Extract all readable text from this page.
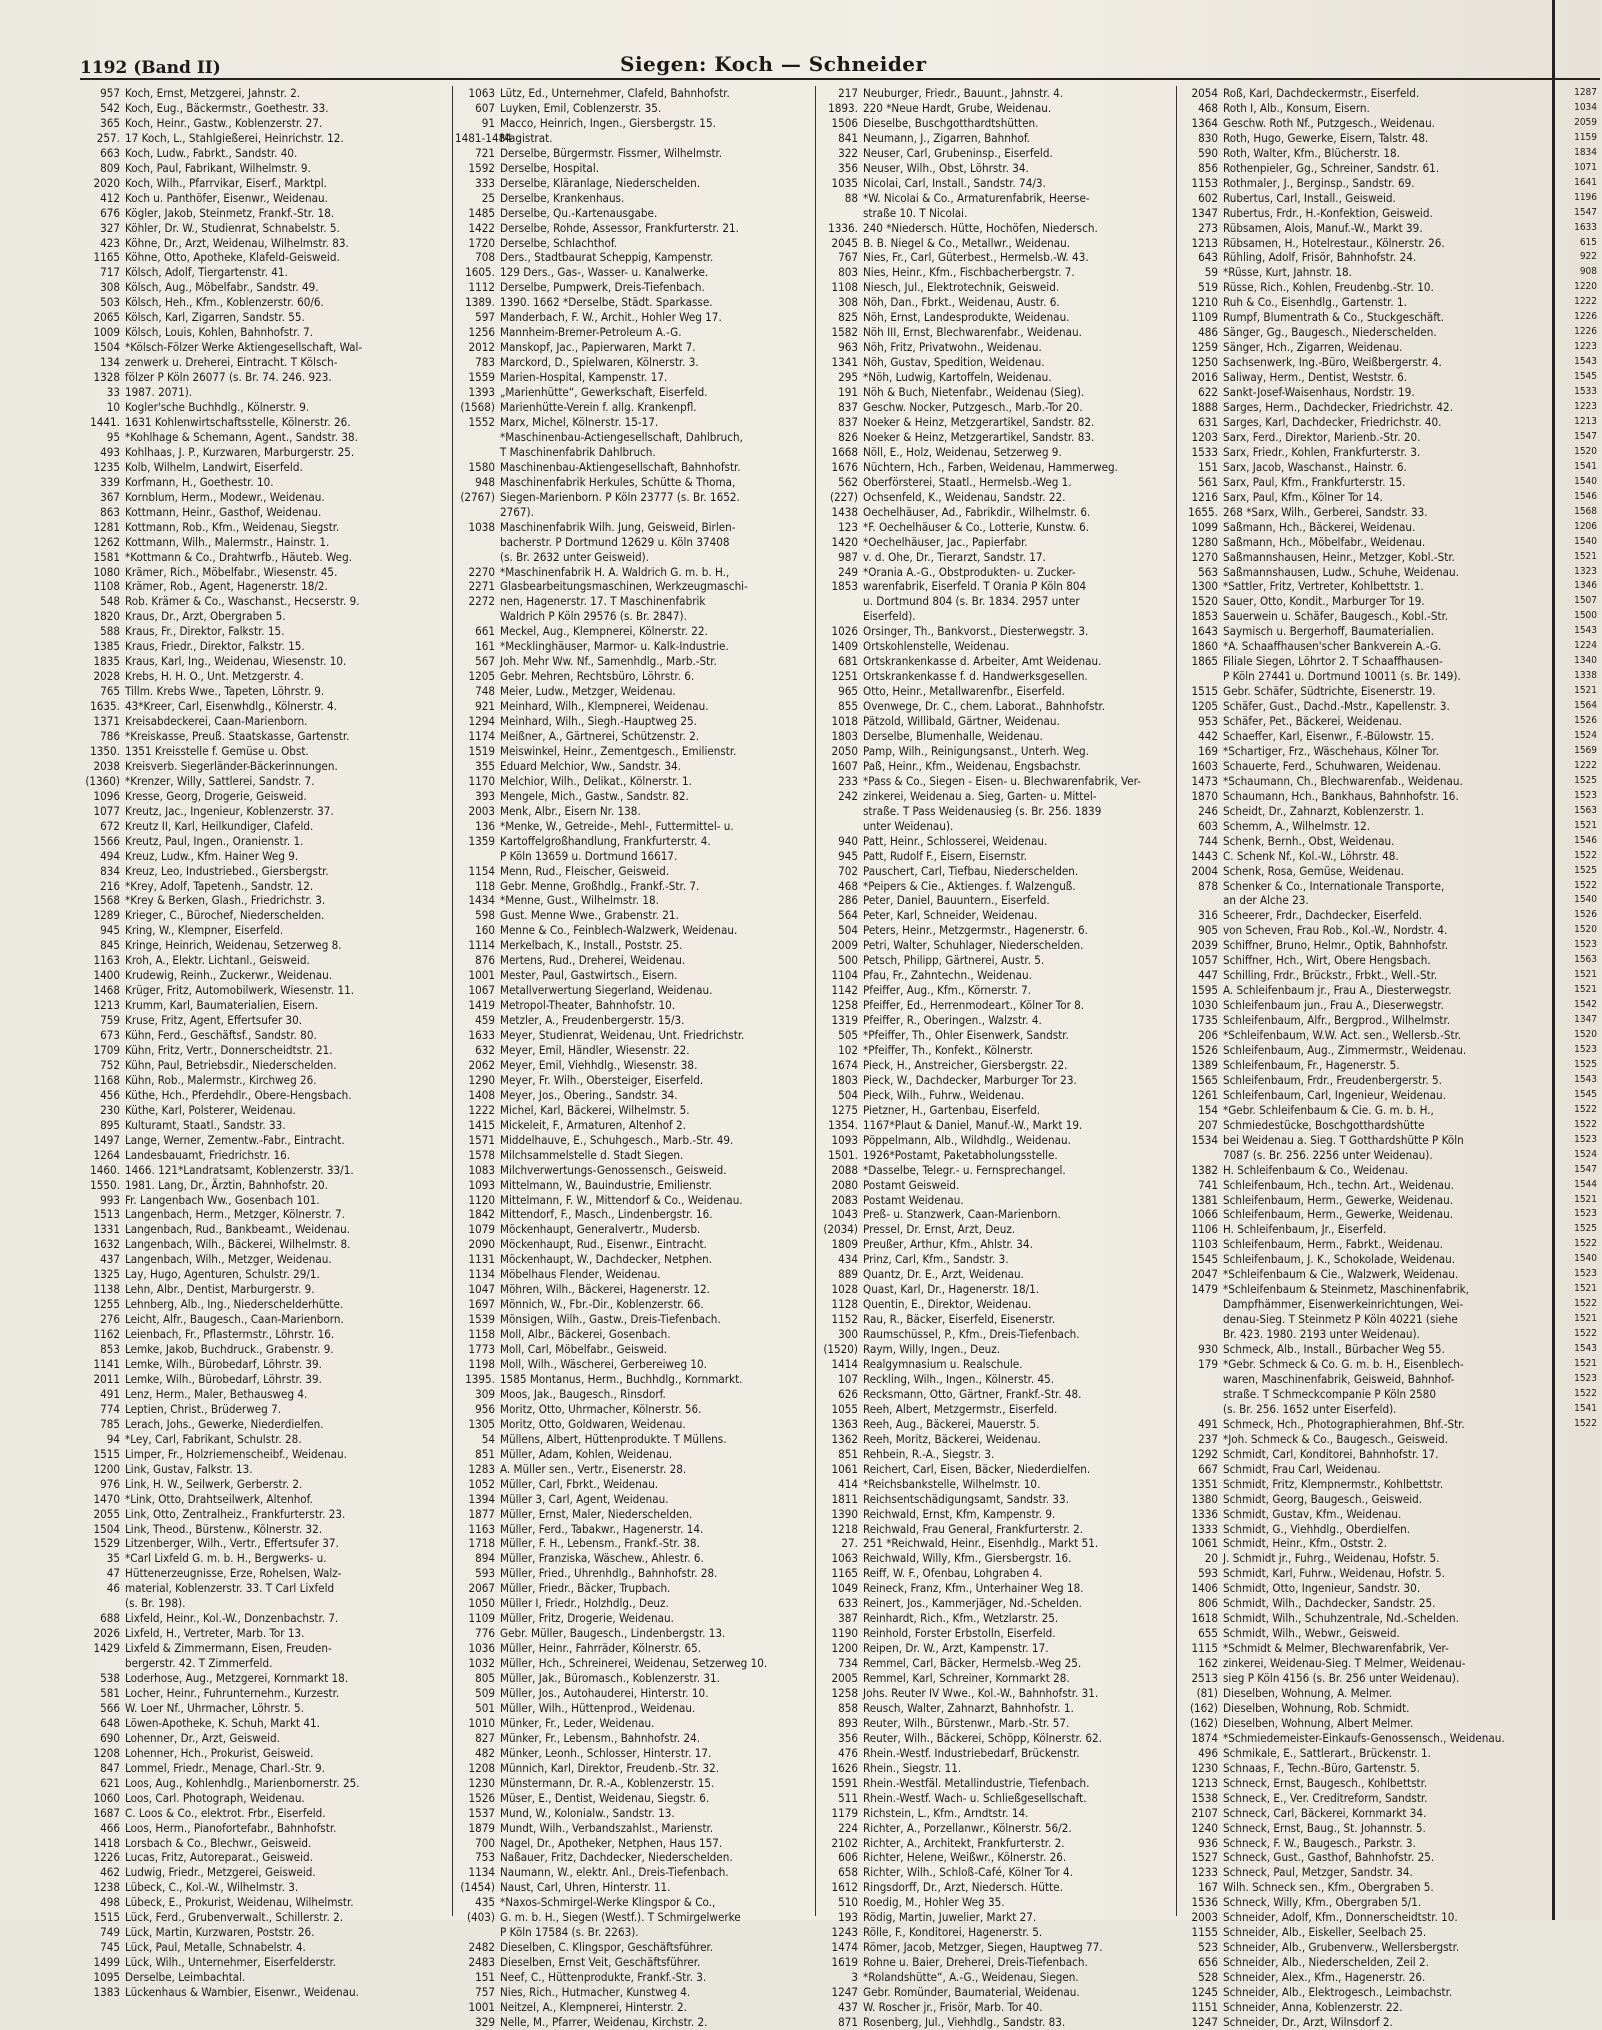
1192 (Band II)	Siegen: Koch — Schneider
957 Koch, Ernst, Metzgerei, Jahnstr. 2.
542 Koch, Eug., Bäckermstr., Goethestr. 33.
365 Koch, Heinr., Gastw., Koblenzerstr. 27.
257. 17 Koch, L., Stahlgießerei, Heinrichstr. 12.
663 Koch, Ludw., Fabrkt., Sandstr. 40.
809 Koch, Paul, Fabrikant, Wilhelmstr. 9.
2020 Koch, Wilh., Pfarrvikar, Eiserf., Marktpl.
412 Koch u. Panthöfer, Eisenwr., Weidenau.
676 Kögler, Jakob, Steinmetz, Frankf.-Str. 18.
327 Köhler, Dr. W., Studienrat, Schnabelstr. 5.
423 Köhne, Dr., Arzt, Weidenau, Wilhelmstr. 83.
1165 Köhne, Otto, Apotheke, Klafeld-Geisweid.
717 Kölsch, Adolf, Tiergartenstr. 41.
308 Kölsch, Aug., Möbelfabr., Sandstr. 49.
503 Kölsch, Heh., Kfm., Koblenzerstr. 60/6.
2065 Kölsch, Karl, Zigarren, Sandstr. 55.
1009 Kölsch, Louis, Kohlen, Bahnhofstr. 7.
1504 *Kölsch-Fölzer Werke Aktiengesellschaft, Wal-
134 zenwerk u. Dreherei, Eintracht. T Kölsch-
1328 fölzer P Köln 26077 (s. Br. 74. 246. 923.
33 1987. 2071).
10 Kogler'sche Buchhdlg., Kölnerstr. 9.
1441. 1631 Kohlenwirtschaftsstelle, Kölnerstr. 26.
95 *Kohlhage & Schemann, Agent., Sandstr. 38.
493 Kohlhaas, J. P., Kurzwaren, Marburgerstr. 25.
1235 Kolb, Wilhelm, Landwirt, Eiserfeld.
339 Korfmann, H., Goethestr. 10.
367 Kornblum, Herm., Modewr., Weidenau.
863 Kottmann, Heinr., Gasthof, Weidenau.
1281 Kottmann, Rob., Kfm., Weidenau, Siegstr.
1262 Kottmann, Wilh., Malermstr., Hainstr. 1.
1581 *Kottmann & Co., Drahtwrfb., Häuteb. Weg.
1080 Krämer, Rich., Möbelfabr., Wiesenstr. 45.
1108 Krämer, Rob., Agent, Hagenerstr. 18/2.
548 Rob. Krämer & Co., Waschanst., Hecserstr. 9.
1820 Kraus, Dr., Arzt, Obergraben 5.
588 Kraus, Fr., Direktor, Falkstr. 15.
1385 Kraus, Friedr., Direktor, Falkstr. 15.
1835 Kraus, Karl, Ing., Weidenau, Wiesenstr. 10.
2028 Krebs, H. H. O., Unt. Metzgerstr. 4.
765 Tillm. Krebs Wwe., Tapeten, Löhrstr. 9.
1635. 43*Kreer, Carl, Eisenwhdlg., Kölnerstr. 4.
1371 Kreisabdeckerei, Caan-Marienborn.
786 *Kreiskasse, Preuß. Staatskasse, Gartenstr.
1350. 1351 Kreisstelle f. Gemüse u. Obst.
2038 Kreisverb. Siegerländer-Bäckerinnungen.
(1360) *Krenzer, Willy, Sattlerei, Sandstr. 7.
1096 Kresse, Georg, Drogerie, Geisweid.
1077 Kreutz, Jac., Ingenieur, Koblenzerstr. 37.
672 Kreutz II, Karl, Heilkundiger, Clafeld.
1566 Kreutz, Paul, Ingen., Oranienstr. 1.
494 Kreuz, Ludw., Kfm. Hainer Weg 9.
834 Kreuz, Leo, Industriebed., Giersbergstr.
216 *Krey, Adolf, Tapetenh., Sandstr. 12.
1568 *Krey & Berken, Glash., Friedrichstr. 3.
1289 Krieger, C., Bürochef, Niederschelden.
945 Kring, W., Klempner, Eiserfeld.
845 Kringe, Heinrich, Weidenau, Setzerweg 8.
1163 Kroh, A., Elektr. Lichtanl., Geisweid.
1400 Krudewig, Reinh., Zuckerwr., Weidenau.
1468 Krüger, Fritz, Automobilwerk, Wiesenstr. 11.
1213 Krumm, Karl, Baumaterialien, Eisern.
759 Kruse, Fritz, Agent, Effertsufer 30.
673 Kühn, Ferd., Geschäftsf., Sandstr. 80.
1709 Kühn, Fritz, Vertr., Donnerscheidtstr. 21.
752 Kühn, Paul, Betriebsdir., Niederschelden.
1168 Kühn, Rob., Malermstr., Kirchweg 26.
456 Küthe, Hch., Pferdehdlr., Obere-Hengsbach.
230 Küthe, Karl, Polsterer, Weidenau.
895 Kulturamt, Staatl., Sandstr. 33.
1497 Lange, Werner, Zementw.-Fabr., Eintracht.
1264 Landesbauamt, Friedrichstr. 16.
1460. 1466. 121*Landratsamt, Koblenzerstr. 33/1.
1550. 1981. Lang, Dr., Ärztin, Bahnhofstr. 20.
993 Fr. Langenbach Ww., Gosenbach 101.
1513 Langenbach, Herm., Metzger, Kölnerstr. 7.
1331 Langenbach, Rud., Bankbeamt., Weidenau.
1632 Langenbach, Wilh., Bäckerei, Wilhelmstr. 8.
437 Langenbach, Wilh., Metzger, Weidenau.
1325 Lay, Hugo, Agenturen, Schulstr. 29/1.
1138 Lehn, Albr., Dentist, Marburgerstr. 9.
1255 Lehnberg, Alb., Ing., Niederschelderhütte.
276 Leicht, Alfr., Baugesch., Caan-Marienborn.
1162 Leienbach, Fr., Pflastermstr., Löhrstr. 16.
853 Lemke, Jakob, Buchdruck., Grabenstr. 9.
1141 Lemke, Wilh., Bürobedarf, Löhrstr. 39.
2011 Lemke, Wilh., Bürobedarf, Löhrstr. 39.
491 Lenz, Herm., Maler, Bethausweg 4.
774 Leptien, Christ., Brüderweg 7.
785 Lerach, Johs., Gewerke, Niederdielfen.
94 *Ley, Carl, Fabrikant, Schulstr. 28.
1515 Limper, Fr., Holzriemenscheibf., Weidenau.
1200 Link, Gustav, Falkstr. 13.
976 Link, H. W., Seilwerk, Gerberstr. 2.
1470 *Link, Otto, Drahtseilwerk, Altenhof.
2055 Link, Otto, Zentralheiz., Frankfurterstr. 23.
1504 Link, Theod., Bürstenw., Kölnerstr. 32.
1529 Litzenberger, Wilh., Vertr., Effertsufer 37.
35 *Carl Lixfeld G. m. b. H., Bergwerks- u.
47 Hüttenerzeugnisse, Erze, Rohelsen, Walz-
46 material, Koblenzerstr. 33. T Carl Lixfeld
(s. Br. 198).
688 Lixfeld, Heinr., Kol.-W., Donzenbachstr. 7.
2026 Lixfeld, H., Vertreter, Marb. Tor 13.
1429 Lixfeld & Zimmermann, Eisen, Freuden-
bergerstr. 42. T Zimmerfeld.
538 Loderhose, Aug., Metzgerei, Kornmarkt 18.
581 Locher, Heinr., Fuhrunternehm., Kurzestr.
566 W. Loer Nf., Uhrmacher, Löhrstr. 5.
648 Löwen-Apotheke, K. Schuh, Markt 41.
690 Lohenner, Dr., Arzt, Geisweid.
1208 Lohenner, Hch., Prokurist, Geisweid.
847 Lommel, Friedr., Menage, Charl.-Str. 9.
621 Loos, Aug., Kohlenhdlg., Marienbornerstr. 25.
1060 Loos, Carl. Photograph, Weidenau.
1687 C. Loos & Co., elektrot. Frbr., Eiserfeld.
466 Loos, Herm., Pianofortefabr., Bahnhofstr.
1418 Lorsbach & Co., Blechwr., Geisweid.
1226 Lucas, Fritz, Autoreparat., Geisweid.
462 Ludwig, Friedr., Metzgerei, Geisweid.
1238 Lübeck, C., Kol.-W., Wilhelmstr. 3.
498 Lübeck, E., Prokurist, Weidenau, Wilhelmstr.
1515 Lück, Ferd., Grubenverwalt., Schillerstr. 2.
749 Lück, Martin, Kurzwaren, Poststr. 26.
745 Lück, Paul, Metalle, Schnabelstr. 4.
1499 Lück, Wilh., Unternehmer, Eiserfelderstr.
1095 Derselbe, Leimbachtal.
1383 Lückenhaus & Wambier, Eisenwr., Weidenau.
1063 Lütz, Ed., Unternehmer, Clafeld, Bahnhofstr.
607 Luyken, Emil, Coblenzerstr. 35.
91 Macco, Heinrich, Ingen., Giersbergstr. 15.
1481-1484Magistrat.
721 Derselbe, Bürgermstr. Fissmer, Wilhelmstr.
1592 Derselbe, Hospital.
333 Derselbe, Kläranlage, Niederschelden.
25 Derselbe, Krankenhaus.
1485 Derselbe, Qu.-Kartenausgabe.
1422 Derselbe, Rohde, Assessor, Frankfurterstr. 21.
1720 Derselbe, Schlachthof.
708 Ders., Stadtbaurat Scheppig, Kampenstr.
1605. 129 Ders., Gas-, Wasser- u. Kanalwerke.
1112 Derselbe, Pumpwerk, Dreis-Tiefenbach.
1389. 1390. 1662 *Derselbe, Städt. Sparkasse.
597 Manderbach, F. W., Archit., Hohler Weg 17.
1256 Mannheim-Bremer-Petroleum A.-G.
2012 Manskopf, Jac., Papierwaren, Markt 7.
783 Marckord, D., Spielwaren, Kölnerstr. 3.
1559 Marien-Hospital, Kampenstr. 17.
1393 „Marienhütte“, Gewerkschaft, Eiserfeld.
(1568) Marienhütte-Verein f. allg. Krankenpfl.
1552 Marx, Michel, Kölnerstr. 15-17.
*Maschinenbau-Actiengesellschaft, Dahlbruch,
T Maschinenfabrik Dahlbruch.
1580 Maschinenbau-Aktiengesellschaft, Bahnhofstr.
948 Maschinenfabrik Herkules, Schütte & Thoma,
(2767) Siegen-Marienborn. P Köln 23777 (s. Br. 1652.
2767).
1038 Maschinenfabrik Wilh. Jung, Geisweid, Birlen-
bacherstr. P Dortmund 12629 u. Köln 37408
(s. Br. 2632 unter Geisweid).
2270 *Maschinenfabrik H. A. Waldrich G. m. b. H.,
2271 Glasbearbeitungsmaschinen, Werkzeugmaschi-
2272 nen, Hagenerstr. 17. T Maschinenfabrik
Waldrich P Köln 29576 (s. Br. 2847).
661 Meckel, Aug., Klempnerei, Kölnerstr. 22.
161 *Mecklinghäuser, Marmor- u. Kalk-Industrie.
567 Joh. Mehr Ww. Nf., Samenhdlg., Marb.-Str.
1205 Gebr. Mehren, Rechtsbüro, Löhrstr. 6.
748 Meier, Ludw., Metzger, Weidenau.
921 Meinhard, Wilh., Klempnerei, Weidenau.
1294 Meinhard, Wilh., Siegh.-Hauptweg 25.
1174 Meißner, A., Gärtnerei, Schützenstr. 2.
1519 Meiswinkel, Heinr., Zementgesch., Emilienstr.
355 Eduard Melchior, Ww., Sandstr. 34.
1170 Melchior, Wilh., Delikat., Kölnerstr. 1.
393 Mengele, Mich., Gastw., Sandstr. 82.
2003 Menk, Albr., Eisern Nr. 138.
136 *Menke, W., Getreide-, Mehl-, Futtermittel- u.
1359 Kartoffelgroßhandlung, Frankfurterstr. 4.
P Köln 13659 u. Dortmund 16617.
1154 Menn, Rud., Fleischer, Geisweid.
118 Gebr. Menne, Großhdlg., Frankf.-Str. 7.
1434 *Menne, Gust., Wilhelmstr. 18.
598 Gust. Menne Wwe., Grabenstr. 21.
160 Menne & Co., Feinblech-Walzwerk, Weidenau.
1114 Merkelbach, K., Install., Poststr. 25.
876 Mertens, Rud., Dreherei, Weidenau.
1001 Mester, Paul, Gastwirtsch., Eisern.
1067 Metallverwertung Siegerland, Weidenau.
1419 Metropol-Theater, Bahnhofstr. 10.
459 Metzler, A., Freudenbergerstr. 15/3.
1633 Meyer, Studienrat, Weidenau, Unt. Friedrichstr.
632 Meyer, Emil, Händler, Wiesenstr. 22.
2062 Meyer, Emil, Viehhdlg., Wiesenstr. 38.
1290 Meyer, Fr. Wilh., Obersteiger, Eiserfeld.
1408 Meyer, Jos., Obering., Sandstr. 34.
1222 Michel, Karl, Bäckerei, Wilhelmstr. 5.
1415 Mickeleit, F., Armaturen, Altenhof 2.
1571 Middelhauve, E., Schuhgesch., Marb.-Str. 49.
1578 Milchsammelstelle d. Stadt Siegen.
1083 Milchverwertungs-Genossensch., Geisweid.
1093 Mittelmann, W., Bauindustrie, Emilienstr.
1120 Mittelmann, F. W., Mittendorf & Co., Weidenau.
1842 Mittendorf, F., Masch., Lindenbergstr. 16.
1079 Möckenhaupt, Generalvertr., Mudersb.
2090 Möckenhaupt, Rud., Eisenwr., Eintracht.
1131 Möckenhaupt, W., Dachdecker, Netphen.
1134 Möbelhaus Flender, Weidenau.
1047 Möhren, Wilh., Bäckerei, Hagenerstr. 12.
1697 Mönnich, W., Fbr.-Dir., Koblenzerstr. 66.
1539 Mönsigen, Wilh., Gastw., Dreis-Tiefenbach.
1158 Moll, Albr., Bäckerei, Gosenbach.
1773 Moll, Carl, Möbelfabr., Geisweid.
1198 Moll, Wilh., Wäscherei, Gerbereiweg 10.
1395. 1585 Montanus, Herm., Buchhdlg., Kornmarkt.
309 Moos, Jak., Baugesch., Rinsdorf.
956 Moritz, Otto, Uhrmacher, Kölnerstr. 56.
1305 Moritz, Otto, Goldwaren, Weidenau.
54 Müllens, Albert, Hüttenprodukte. T Müllens.
851 Müller, Adam, Kohlen, Weidenau.
1283 A. Müller sen., Vertr., Eisenerstr. 28.
1052 Müller, Carl, Fbrkt., Weidenau.
1394 Müller 3, Carl, Agent, Weidenau.
1877 Müller, Ernst, Maler, Niederschelden.
1163 Müller, Ferd., Tabakwr., Hagenerstr. 14.
1718 Müller, F. H., Lebensm., Frankf.-Str. 38.
894 Müller, Franziska, Wäschew., Ahlestr. 6.
593 Müller, Fried., Uhrenhdlg., Bahnhofstr. 28.
2067 Müller, Friedr., Bäcker, Trupbach.
1050 Müller I, Friedr., Holzhdlg., Deuz.
1109 Müller, Fritz, Drogerie, Weidenau.
776 Gebr. Müller, Baugesch., Lindenbergstr. 13.
1036 Müller, Heinr., Fahrräder, Kölnerstr. 65.
1032 Müller, Hch., Schreinerei, Weidenau, Setzerweg 10.
805 Müller, Jak., Büromasch., Koblenzerstr. 31.
509 Müller, Jos., Autohauderei, Hinterstr. 10.
501 Müller, Wilh., Hüttenprod., Weidenau.
1010 Münker, Fr., Leder, Weidenau.
827 Münker, Fr., Lebensm., Bahnhofstr. 24.
482 Münker, Leonh., Schlosser, Hinterstr. 17.
1208 Münnich, Karl, Direktor, Freudenb.-Str. 32.
1230 Münstermann, Dr. R.-A., Koblenzerstr. 15.
1526 Müser, E., Dentist, Weidenau, Siegstr. 6.
1537 Mund, W., Kolonialw., Sandstr. 13.
1879 Mundt, Wilh., Verbandszahlst., Marienstr.
700 Nagel, Dr., Apotheker, Netphen, Haus 157.
753 Naßauer, Fritz, Dachdecker, Niederschelden.
1134 Naumann, W., elektr. Anl., Dreis-Tiefenbach.
(1454) Naust, Carl, Uhren, Hinterstr. 11.
435 *Naxos-Schmirgel-Werke Klingspor & Co.,
(403) G. m. b. H., Siegen (Westf.). T Schmirgelwerke
P Köln 17584 (s. Br. 2263).
2482 Dieselben, C. Klingspor, Geschäftsführer.
2483 Dieselben, Ernst Veit, Geschäftsführer.
151 Neef, C., Hüttenprodukte, Frankf.-Str. 3.
757 Nies, Rich., Hutmacher, Kunstweg 4.
1001 Neitzel, A., Klempnerei, Hinterstr. 2.
329 Nelle, M., Pfarrer, Weidenau, Kirchstr. 2.
217 Neuburger, Friedr., Bauunt., Jahnstr. 4.
1893. 220 *Neue Hardt, Grube, Weidenau.
1506 Dieselbe, Buschgotthardtshütten.
841 Neumann, J., Zigarren, Bahnhof.
322 Neuser, Carl, Grubeninsp., Eiserfeld.
356 Neuser, Wilh., Obst, Löhrstr. 34.
1035 Nicolai, Carl, Install., Sandstr. 74/3.
88 *W. Nicolai & Co., Armaturenfabrik, Heerse-
straße 10. T Nicolai.
1336. 240 *Niedersch. Hütte, Hochöfen, Niedersch.
2045 B. B. Niegel & Co., Metallwr., Weidenau.
767 Nies, Fr., Carl, Güterbest., Hermelsb.-W. 43.
803 Nies, Heinr., Kfm., Fischbacherbergstr. 7.
1108 Niesch, Jul., Elektrotechnik, Geisweid.
308 Nöh, Dan., Fbrkt., Weidenau, Austr. 6.
825 Nöh, Ernst, Landesprodukte, Weidenau.
1582 Nöh III, Ernst, Blechwarenfabr., Weidenau.
963 Nöh, Fritz, Privatwohn., Weidenau.
1341 Nöh, Gustav, Spedition, Weidenau.
295 *Nöh, Ludwig, Kartoffeln, Weidenau.
191 Nöh & Buch, Nietenfabr., Weidenau (Sieg).
837 Geschw. Nocker, Putzgesch., Marb.-Tor 20.
837 Noeker & Heinz, Metzgerartikel, Sandstr. 82.
826 Noeker & Heinz, Metzgerartikel, Sandstr. 83.
1668 Nöll, E., Holz, Weidenau, Setzerweg 9.
1676 Nüchtern, Hch., Farben, Weidenau, Hammerweg.
562 Oberförsterei, Staatl., Hermelsb.-Weg 1.
(227) Ochsenfeld, K., Weidenau, Sandstr. 22.
1438 Oechelhäuser, Ad., Fabrikdir., Wilhelmstr. 6.
123 *F. Oechelhäuser & Co., Lotterie, Kunstw. 6.
1420 *Oechelhäuser, Jac., Papierfabr.
987 v. d. Ohe, Dr., Tierarzt, Sandstr. 17.
249 *Orania A.-G., Obstprodukten- u. Zucker-
1853 warenfabrik, Eiserfeld. T Orania P Köln 804
u. Dortmund 804 (s. Br. 1834. 2957 unter
Eiserfeld).
1026 Orsinger, Th., Bankvorst., Diesterwegstr. 3.
1409 Ortskohlenstelle, Weidenau.
681 Ortskrankenkasse d. Arbeiter, Amt Weidenau.
1251 Ortskrankenkasse f. d. Handwerksgesellen.
965 Otto, Heinr., Metallwarenfbr., Eiserfeld.
855 Ovenwege, Dr. C., chem. Laborat., Bahnhofstr.
1018 Pätzold, Willibald, Gärtner, Weidenau.
1803 Derselbe, Blumenhalle, Weidenau.
2050 Pamp, Wilh., Reinigungsanst., Unterh. Weg.
1607 Paß, Heinr., Kfm., Weidenau, Engsbachstr.
233 *Pass & Co., Siegen - Eisen- u. Blechwarenfabrik, Ver-
242 zinkerei, Weidenau a. Sieg, Garten- u. Mittel-
straße. T Pass Weidenausieg (s. Br. 256. 1839
unter Weidenau).
940 Patt, Heinr., Schlosserei, Weidenau.
945 Patt, Rudolf F., Eisern, Eisernstr.
702 Pauschert, Carl, Tiefbau, Niederschelden.
468 *Peipers & Cie., Aktienges. f. Walzenguß.
286 Peter, Daniel, Bauuntern., Eiserfeld.
564 Peter, Karl, Schneider, Weidenau.
504 Peters, Heinr., Metzgermstr., Hagenerstr. 6.
2009 Petri, Walter, Schuhlager, Niederschelden.
500 Petsch, Philipp, Gärtnerei, Austr. 5.
1104 Pfau, Fr., Zahntechn., Weidenau.
1142 Pfeiffer, Aug., Kfm., Körnerstr. 7.
1258 Pfeiffer, Ed., Herrenmodeart., Kölner Tor 8.
1319 Pfeiffer, R., Oberingen., Walzstr. 4.
505 *Pfeiffer, Th., Ohler Eisenwerk, Sandstr.
102 *Pfeiffer, Th., Konfekt., Kölnerstr.
1674 Pieck, H., Anstreicher, Giersbergstr. 22.
1803 Pieck, W., Dachdecker, Marburger Tor 23.
504 Pieck, Wilh., Fuhrw., Weidenau.
1275 Pietzner, H., Gartenbau, Eiserfeld.
1354. 1167*Plaut & Daniel, Manuf.-W., Markt 19.
1093 Pöppelmann, Alb., Wildhdlg., Weidenau.
1501. 1926*Postamt, Paketabholungsstelle.
2088 *Dasselbe, Telegr.- u. Fernsprechangel.
2080 Postamt Geisweid.
2083 Postamt Weidenau.
1043 Preß- u. Stanzwerk, Caan-Marienborn.
(2034) Pressel, Dr. Ernst, Arzt, Deuz.
1809 Preußer, Arthur, Kfm., Ahlstr. 34.
434 Prinz, Carl, Kfm., Sandstr. 3.
889 Quantz, Dr. E., Arzt, Weidenau.
1028 Quast, Karl, Dr., Hagenerstr. 18/1.
1128 Quentin, E., Direktor, Weidenau.
1152 Rau, R., Bäcker, Eiserfeld, Eisenerstr.
300 Raumschüssel, P., Kfm., Dreis-Tiefenbach.
(1520) Raym, Willy, Ingen., Deuz.
1414 Realgymnasium u. Realschule.
107 Reckling, Wilh., Ingen., Kölnerstr. 45.
626 Recksmann, Otto, Gärtner, Frankf.-Str. 48.
1055 Reeh, Albert, Metzgermstr., Eiserfeld.
1363 Reeh, Aug., Bäckerei, Mauerstr. 5.
1362 Reeh, Moritz, Bäckerei, Weidenau.
851 Rehbein, R.-A., Siegstr. 3.
1061 Reichert, Carl, Eisen, Bäcker, Niederdielfen.
414 *Reichsbankstelle, Wilhelmstr. 10.
1811 Reichsentschädigungsamt, Sandstr. 33.
1390 Reichwald, Ernst, Kfm, Kampenstr. 9.
1218 Reichwald, Frau General, Frankfurterstr. 2.
27. 251 *Reichwald, Heinr., Eisenhdlg., Markt 51.
1063 Reichwald, Willy, Kfm., Giersbergstr. 16.
1165 Reiff, W. F., Ofenbau, Lohgraben 4.
1049 Reineck, Franz, Kfm., Unterhainer Weg 18.
633 Reinert, Jos., Kammerjäger, Nd.-Schelden.
387 Reinhardt, Rich., Kfm., Wetzlarstr. 25.
1190 Reinhold, Forster Erbstolln, Eiserfeld.
1200 Reipen, Dr. W., Arzt, Kampenstr. 17.
734 Remmel, Carl, Bäcker, Hermelsb.-Weg 25.
2005 Remmel, Karl, Schreiner, Kornmarkt 28.
1258 Johs. Reuter IV Wwe., Kol.-W., Bahnhofstr. 31.
858 Reusch, Walter, Zahnarzt, Bahnhofstr. 1.
893 Reuter, Wilh., Bürstenwr., Marb.-Str. 57.
356 Reuter, Wilh., Bäckerei, Schöpp, Kölnerstr. 62.
476 Rhein.-Westf. Industriebedarf, Brückenstr.
1626 Rhein., Siegstr. 11.
1591 Rhein.-Westfäl. Metallindustrie, Tiefenbach.
511 Rhein.-Westf. Wach- u. Schließgesellschaft.
1179 Richstein, L., Kfm., Arndtstr. 14.
224 Richter, A., Porzellanwr., Kölnerstr. 56/2.
2102 Richter, A., Architekt, Frankfurterstr. 2.
606 Richter, Helene, Weißwr., Kölnerstr. 26.
658 Richter, Wilh., Schloß-Café, Kölner Tor 4.
1612 Ringsdorff, Dr., Arzt, Niedersch. Hütte.
510 Roedig, M., Hohler Weg 35.
193 Rödig, Martin, Juwelier, Markt 27.
1243 Rölle, F., Konditorei, Hagenerstr. 5.
1474 Römer, Jacob, Metzger, Siegen, Hauptweg 77.
1619 Rohne u. Baier, Dreherei, Dreis-Tiefenbach.
3 *Rolandshütte“, A.-G., Weidenau, Siegen.
1247 Gebr. Romünder, Baumaterial, Weidenau.
437 W. Roscher jr., Frisör, Marb. Tor 40.
871 Rosenberg, Jul., Viehhdlg., Sandstr. 83.
2054 Roß, Karl, Dachdeckermstr., Eiserfeld.
468 Roth I, Alb., Konsum, Eisern.
1364 Geschw. Roth Nf., Putzgesch., Weidenau.
830 Roth, Hugo, Gewerke, Eisern, Talstr. 48.
590 Roth, Walter, Kfm., Blücherstr. 18.
856 Rothenpieler, Gg., Schreiner, Sandstr. 61.
1153 Rothmaler, J., Berginsp., Sandstr. 69.
602 Rubertus, Carl, Install., Geisweid.
1347 Rubertus, Frdr., H.-Konfektion, Geisweid.
273 Rübsamen, Alois, Manuf.-W., Markt 39.
1213 Rübsamen, H., Hotelrestaur., Kölnerstr. 26.
643 Rühling, Adolf, Frisör, Bahnhofstr. 24.
59 *Rüsse, Kurt, Jahnstr. 18.
519 Rüsse, Rich., Kohlen, Freudenbg.-Str. 10.
1210 Ruh & Co., Eisenhdlg., Gartenstr. 1.
1109 Rumpf, Blumentrath & Co., Stuckgeschäft.
486 Sänger, Gg., Baugesch., Niederschelden.
1259 Sänger, Hch., Zigarren, Weidenau.
1250 Sachsenwerk, Ing.-Büro, Weißbergerstr. 4.
2016 Saliway, Herm., Dentist, Weststr. 6.
622 Sankt-Josef-Waisenhaus, Nordstr. 19.
1888 Sarges, Herm., Dachdecker, Friedrichstr. 42.
631 Sarges, Karl, Dachdecker, Friedrichstr. 40.
1203 Sarx, Ferd., Direktor, Marienb.-Str. 20.
1533 Sarx, Friedr., Kohlen, Frankfurterstr. 3.
151 Sarx, Jacob, Waschanst., Hainstr. 6.
561 Sarx, Paul, Kfm., Frankfurterstr. 15.
1216 Sarx, Paul, Kfm., Kölner Tor 14.
1655. 268 *Sarx, Wilh., Gerberei, Sandstr. 33.
1099 Saßmann, Hch., Bäckerei, Weidenau.
1280 Saßmann, Hch., Möbelfabr., Weidenau.
1270 Saßmannshausen, Heinr., Metzger, Kobl.-Str.
563 Saßmannshausen, Ludw., Schuhe, Weidenau.
1300 *Sattler, Fritz, Vertreter, Kohlbettstr. 1.
1520 Sauer, Otto, Kondit., Marburger Tor 19.
1853 Sauerwein u. Schäfer, Baugesch., Kobl.-Str.
1643 Saymisch u. Bergerhoff, Baumaterialien.
1860 *A. Schaaffhausen'scher Bankverein A.-G.
1865 Filiale Siegen, Löhrtor 2. T Schaaffhausen-
P Köln 27441 u. Dortmund 10011 (s. Br. 149).
1515 Gebr. Schäfer, Südtrichte, Eisenerstr. 19.
1205 Schäfer, Gust., Dachd.-Mstr., Kapellenstr. 3.
953 Schäfer, Pet., Bäckerei, Weidenau.
442 Schaeffer, Karl, Eisenwr., F.-Bülowstr. 15.
169 *Schartiger, Frz., Wäschehaus, Kölner Tor.
1603 Schauerte, Ferd., Schuhwaren, Weidenau.
1473 *Schaumann, Ch., Blechwarenfab., Weidenau.
1870 Schaumann, Hch., Bankhaus, Bahnhofstr. 16.
246 Scheidt, Dr., Zahnarzt, Koblenzerstr. 1.
603 Schemm, A., Wilhelmstr. 12.
744 Schenk, Bernh., Obst, Weidenau.
1443 C. Schenk Nf., Kol.-W., Löhrstr. 48.
2004 Schenk, Rosa, Gemüse, Weidenau.
878 Schenker & Co., Internationale Transporte,
an der Alche 23.
316 Scheerer, Frdr., Dachdecker, Eiserfeld.
905 von Scheven, Frau Rob., Kol.-W., Nordstr. 4.
2039 Schiffner, Bruno, Helmr., Optik, Bahnhofstr.
1057 Schiffner, Hch., Wirt, Obere Hengsbach.
447 Schilling, Frdr., Brückstr., Frbkt., Well.-Str.
1595 A. Schleifenbaum jr., Frau A., Diesterwegstr.
1030 Schleifenbaum jun., Frau A., Dieserwegstr.
1735 Schleifenbaum, Alfr., Bergprod., Wilhelmstr.
206 *Schleifenbaum, W.W. Act. sen., Wellersb.-Str.
1526 Schleifenbaum, Aug., Zimmermstr., Weidenau.
1389 Schleifenbaum, Fr., Hagenerstr. 5.
1565 Schleifenbaum, Frdr., Freudenbergerstr. 5.
1261 Schleifenbaum, Carl, Ingenieur, Weidenau.
154 *Gebr. Schleifenbaum & Cie. G. m. b. H.,
207 Schmiedestücke, Boschgotthardshütte
1534 bei Weidenau a. Sieg. T Gotthardshütte P Köln
7087 (s. Br. 256. 2256 unter Weidenau).
1382 H. Schleifenbaum & Co., Weidenau.
741 Schleifenbaum, Hch., techn. Art., Weidenau.
1381 Schleifenbaum, Herm., Gewerke, Weidenau.
1066 Schleifenbaum, Herm., Gewerke, Weidenau.
1106 H. Schleifenbaum, Jr., Eiserfeld.
1103 Schleifenbaum, Herm., Fabrkt., Weidenau.
1545 Schleifenbaum, J. K., Schokolade, Weidenau.
2047 *Schleifenbaum & Cie., Walzwerk, Weidenau.
1479 *Schleifenbaum & Steinmetz, Maschinenfabrik,
Dampfhämmer, Eisenwerkeinrichtungen, Wei-
denau-Sieg. T Steinmetz P Köln 40221 (siehe
Br. 423. 1980. 2193 unter Weidenau).
930 Schmeck, Alb., Install., Bürbacher Weg 55.
179 *Gebr. Schmeck & Co. G. m. b. H., Eisenblech-
waren, Maschinenfabrik, Geisweid, Bahnhof-
straße. T Schmeckcompanie P Köln 2580
(s. Br. 256. 1652 unter Eiserfeld).
491 Schmeck, Hch., Photographierahmen, Bhf.-Str.
237 *Joh. Schmeck & Co., Baugesch., Geisweid.
1292 Schmidt, Carl, Konditorei, Bahnhofstr. 17.
667 Schmidt, Frau Carl, Weidenau.
1351 Schmidt, Fritz, Klempnermstr., Kohlbettstr.
1380 Schmidt, Georg, Baugesch., Geisweid.
1336 Schmidt, Gustav, Kfm., Weidenau.
1333 Schmidt, G., Viehhdlg., Oberdielfen.
1061 Schmidt, Heinr., Kfm., Oststr. 2.
20 J. Schmidt jr., Fuhrg., Weidenau, Hofstr. 5.
593 Schmidt, Karl, Fuhrw., Weidenau, Hofstr. 5.
1406 Schmidt, Otto, Ingenieur, Sandstr. 30.
806 Schmidt, Wilh., Dachdecker, Sandstr. 25.
1618 Schmidt, Wilh., Schuhzentrale, Nd.-Schelden.
655 Schmidt, Wilh., Webwr., Geisweid.
1115 *Schmidt & Melmer, Blechwarenfabrik, Ver-
162 zinkerei, Weidenau-Sieg. T Melmer, Weidenau-
2513 sieg P Köln 4156 (s. Br. 256 unter Weidenau).
(81) Dieselben, Wohnung, A. Melmer.
(162) Dieselben, Wohnung, Rob. Schmidt.
(162) Dieselben, Wohnung, Albert Melmer.
1874 *Schmiedemeister-Einkaufs-Genossensch., Weidenau.
496 Schmikale, E., Sattlerart., Brückenstr. 1.
1230 Schnaas, F., Techn.-Büro, Gartenstr. 5.
1213 Schneck, Ernst, Baugesch., Kohlbettstr.
1538 Schneck, E., Ver. Creditreform, Sandstr.
2107 Schneck, Carl, Bäckerei, Kornmarkt 34.
1240 Schneck, Ernst, Baug., St. Johannstr. 5.
936 Schneck, F. W., Baugesch., Parkstr. 3.
1527 Schneck, Gust., Gasthof, Bahnhofstr. 25.
1233 Schneck, Paul, Metzger, Sandstr. 34.
167 Wilh. Schneck sen., Kfm., Obergraben 5.
1536 Schneck, Willy, Kfm., Obergraben 5/1.
2003 Schneider, Adolf, Kfm., Donnerscheidtstr. 10.
1155 Schneider, Alb., Eiskeller, Seelbach 25.
523 Schneider, Alb., Grubenverw., Wellersbergstr.
656 Schneider, Alb., Niederschelden, Zeil 2.
528 Schneider, Alex., Kfm., Hagenerstr. 26.
1245 Schneider, Alb., Elektrogesch., Leimbachstr.
1151 Schneider, Anna, Koblenzerstr. 22.
1247 Schneider, Dr., Arzt, Wilnsdorf 2.
1287
1034
2059
1159
1834
1071
1641
1196
1547
1633
615
922
908
1220
1222
1226
1226
1223
1543
1545
1533
1223
1213
1547
1520
1541
1540
1546
1568
1206
1540
1521
1323
1346
1507
1500
1543
1224
1340
1338
1521
1564
1526
1524
1569
1222
1525
1523
1563
1521
1546
1522
1525
1522
1540
1526
1520
1523
1563
1521
1521
1542
1347
1520
1523
1525
1543
1545
1522
1522
1523
1524
1547
1544
1521
1523
1525
1522
1540
1523
1521
1522
1521
1522
1543
1521
1523
1522
1541
1522
